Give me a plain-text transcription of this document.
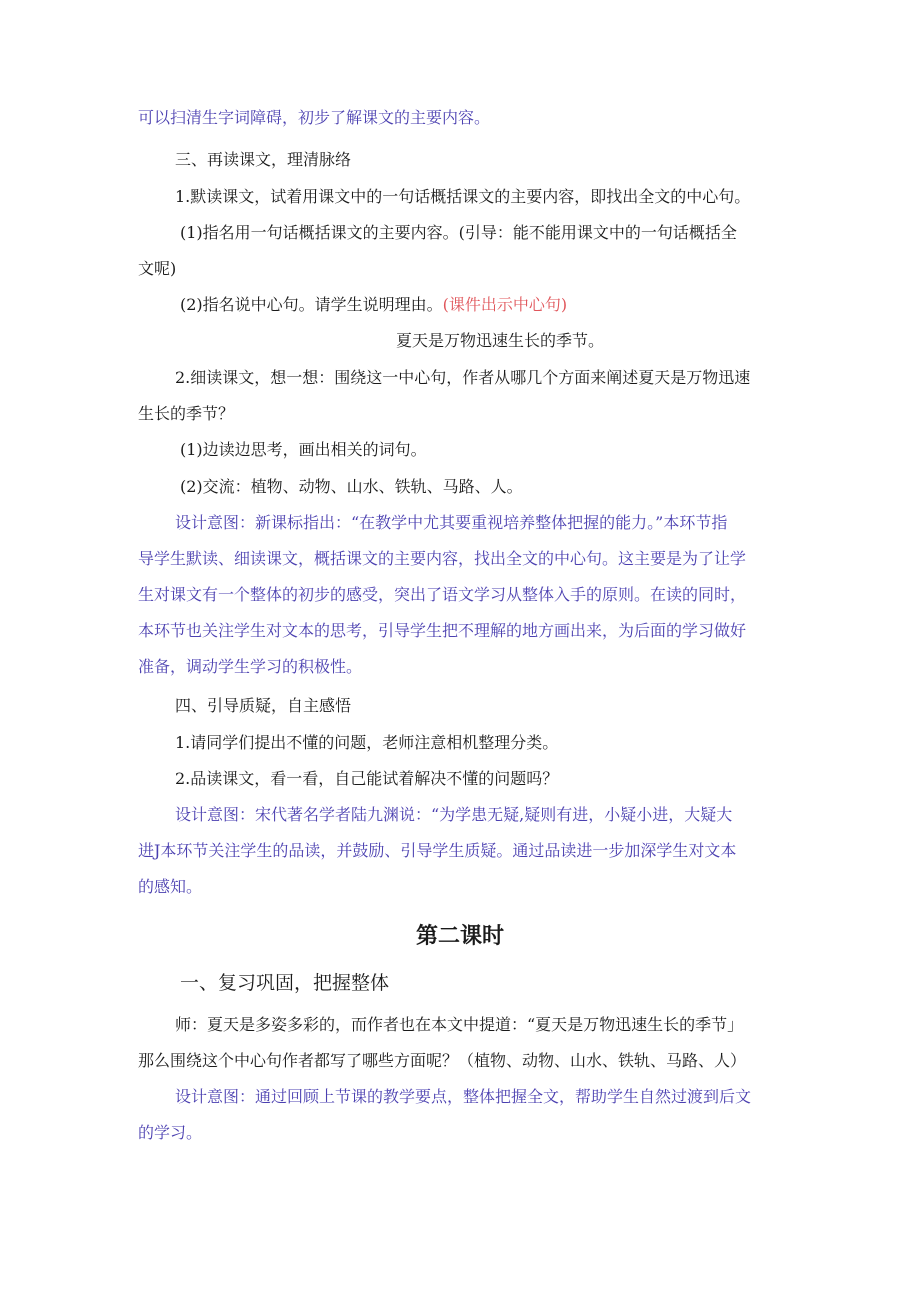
可以扫清生字词障碍，初步了解课文的主要内容。
三、再读课文，理清脉络
1.默读课文，试着用课文中的一句话概括课文的主要内容，即找出全文的中心句。
(1)指名用一句话概括课文的主要内容。(引导：能不能用课文中的一句话概括全
文呢)
(2)指名说中心句。请学生说明理由。(课件出示中心句)
夏天是万物迅速生长的季节。
2.细读课文，想一想：围绕这一中心句，作者从哪几个方面来阐述夏天是万物迅速
生长的季节？
(1)边读边思考，画出相关的词句。
(2)交流：植物、动物、山水、铁轨、马路、人。
设计意图：新课标指出：“在教学中尤其要重视培养整体把握的能力。”本环节指
导学生默读、细读课文，概括课文的主要内容，找出全文的中心句。这主要是为了让学
生对课文有一个整体的初步的感受，突出了语文学习从整体入手的原则。在读的同时，
本环节也关注学生对文本的思考，引导学生把不理解的地方画出来，为后面的学习做好
准备，调动学生学习的积极性。
四、引导质疑，自主感悟
1.请同学们提出不懂的问题，老师注意相机整理分类。
2.品读课文，看一看，自己能试着解决不懂的问题吗？
设计意图：宋代著名学者陆九渊说：“为学患无疑,疑则有进，小疑小进，大疑大
进J本环节关注学生的品读，并鼓励、引导学生质疑。通过品读进一步加深学生对文本
的感知。
第二课时
一、复习巩固，把握整体
师：夏天是多姿多彩的，而作者也在本文中提道：“夏天是万物迅速生长的季节」
那么围绕这个中心句作者都写了哪些方面呢？（植物、动物、山水、铁轨、马路、人）
设计意图：通过回顾上节课的教学要点，整体把握全文，帮助学生自然过渡到后文
的学习。
